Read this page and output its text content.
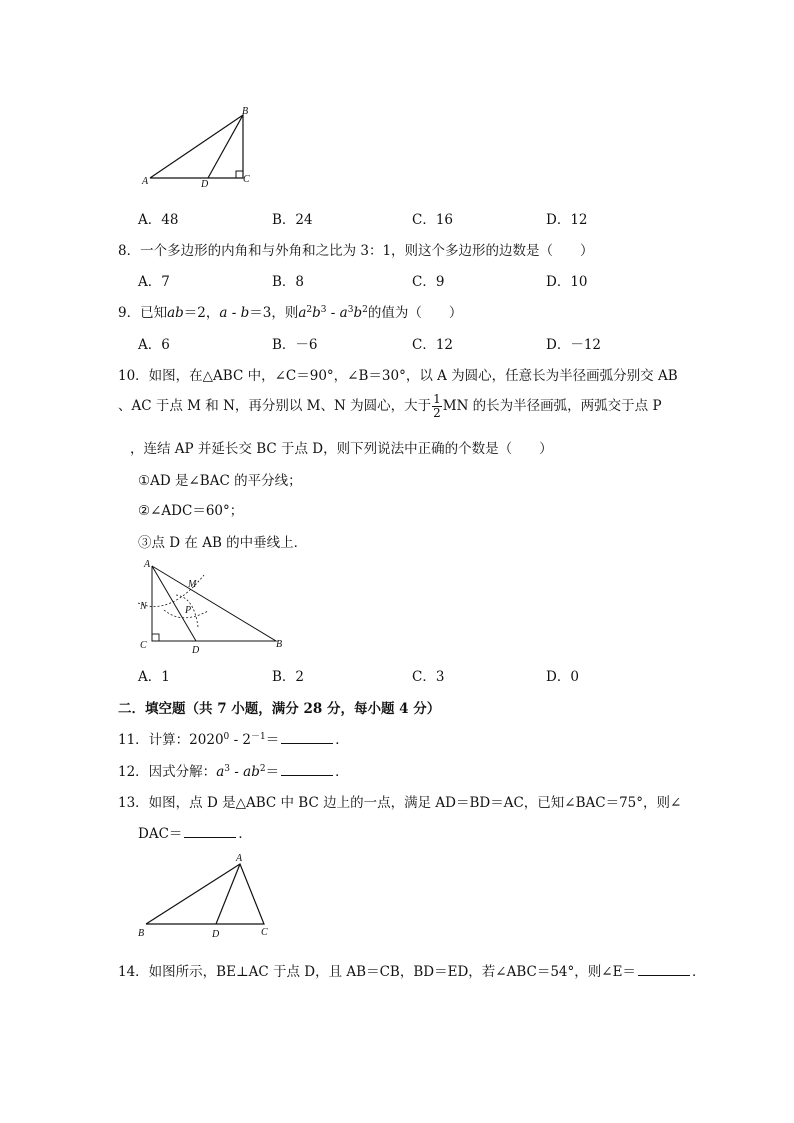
A
B
C
D
A．48	B．24	C．16	D．12
8．一个多边形的内角和与外角和之比为 3：1，则这个多边形的边数是（　　）
A．7	B．8	C．9	D．10
9．已知ab＝2，a - b＝3，则$a^2b^3 - a^3b^2$的值为（　　）
A．6	B．－6	C．12	D．－12
10．如图，在△ABC 中，∠C＝90°，∠B＝30°，以 A 为圆心，任意长为半径画弧分别交 AB
、AC 于点 M 和 N，再分别以 M、N 为圆心，大于 $\frac{1}{2}$ MN 的长为半径画弧，两弧交于点 P
，连结 AP 并延长交 BC 于点 D，则下列说法中正确的个数是（　　）
①AD 是∠BAC 的平分线；
②∠ADC＝60°；
③点 D 在 AB 的中垂线上．
A
M
N	P
C	D
B
A．1	B．2	C．3	D．0
二．填空题（共 7 小题，满分 28 分，每小题 4 分）
11．计算：$2020^0 - 2^{-1}=$	．
12．因式分解：$a^3 - ab^2=$	．
13．如图，点 D 是△ABC 中 BC 边上的一点，满足 AD＝BD＝AC，已知∠BAC＝75°，则∠
DAC＝	．
A
B	D	C
14．如图所示，BE⊥AC 于点 D，且 AB＝CB，BD＝ED，若∠ABC＝54°，则∠E＝	．
